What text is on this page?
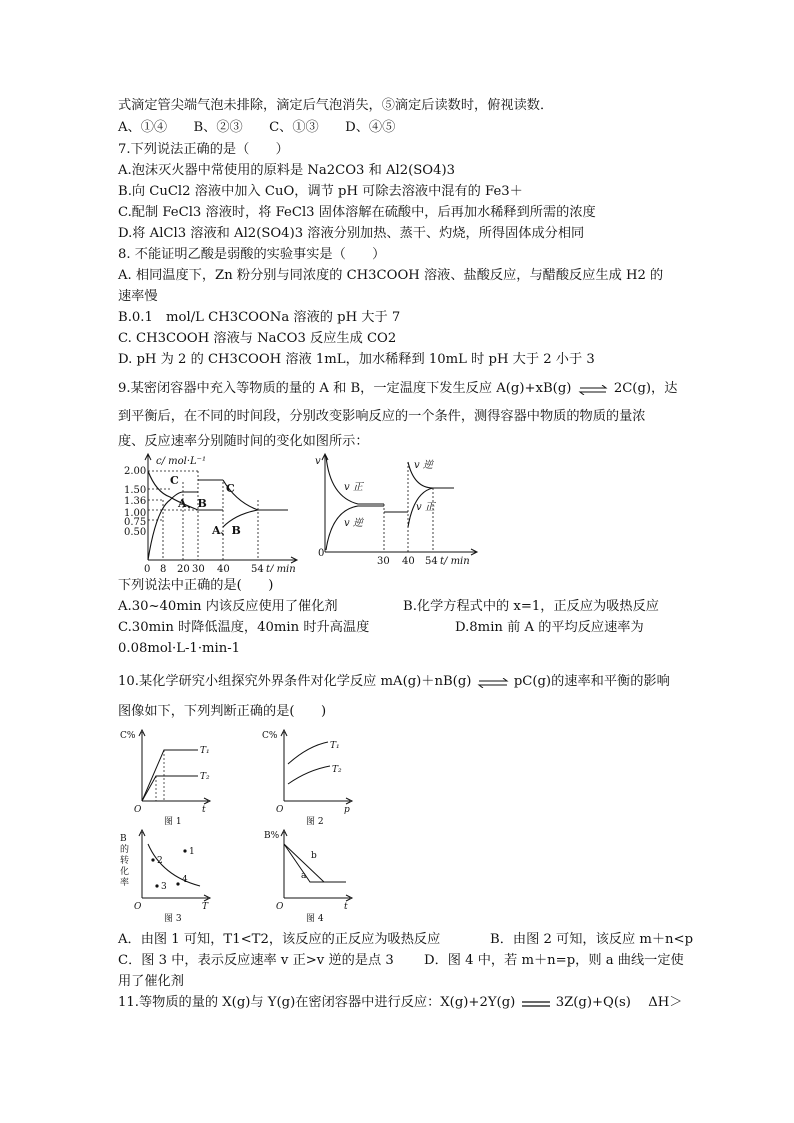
式滴定管尖端气泡未排除，滴定后气泡消失，⑤滴定后读数时，俯视读数．
A、①④　　B、②③　　C、①③　　D、④⑤
7.下列说法正确的是（　　）
A.泡沫灭火器中常使用的原料是 Na2CO3 和 Al2(SO4)3
B.向 CuCl2 溶液中加入 CuO，调节 pH 可除去溶液中混有的 Fe3＋
C.配制 FeCl3 溶液时，将 FeCl3 固体溶解在硫酸中，后再加水稀释到所需的浓度
D.将 AlCl3 溶液和 Al2(SO4)3 溶液分别加热、蒸干、灼烧，所得固体成分相同
8. 不能证明乙酸是弱酸的实验事实是（　　）
A. 相同温度下，Zn 粉分别与同浓度的 CH3COOH 溶液、盐酸反应，与醋酸反应生成 H2 的
速率慢
B.0.1　mol/L CH3COONa 溶液的 pH 大于 7
C. CH3COOH 溶液与 NaCO3 反应生成 CO2
D. pH 为 2 的 CH3COOH 溶液 1mL，加水稀释到 10mL 时 pH 大于 2 小于 3
9.某密闭容器中充入等物质的量的 A 和 B，一定温度下发生反应 A(g)+xB(g) ⇌ 2C(g)，达
到平衡后，在不同的时间段，分别改变影响反应的一个条件，测得容器中物质的物质的量浓
度、反应速率分别随时间的变化如图所示：
c/ mol·L⁻¹
2.00
1.50
1.36
1.00
0.75
0.50
C
A、B
C
A、B
0 8 20 30 40 54 t/ min
v
0
v 正
v 逆
v 逆
v 正
30 40 54 t/ min
下列说法中正确的是(　　)
A.30~40min 内该反应使用了催化剂	B.化学方程式中的 x=1，正反应为吸热反应
C.30min 时降低温度，40min 时升高温度	D.8min 前 A 的平均反应速率为
0.08mol·L-1·min-1
10.某化学研究小组探究外界条件对化学反应 mA(g)＋nB(g) ⇌ pC(g)的速率和平衡的影响
图像如下，下列判断正确的是(　　)
C%
O	t
T₁
T₂
图 1
C%
O	p
T₁
T₂
图 2
B
的
转
化
率
O	T
1
2
3
4
图 3
B%
O	t
a
b
图 4
A．由图 1 可知，T1<T2，该反应的正反应为吸热反应	B．由图 2 可知，该反应 m＋n<p
C．图 3 中，表示反应速率 v 正>v 逆的是点 3 D．图 4 中，若 m＋n=p，则 a 曲线一定使
用了催化剂
11.等物质的量的 X(g)与 Y(g)在密闭容器中进行反应：X(g)+2Y(g)	3Z(g)+Q(s)　 ΔH＞
